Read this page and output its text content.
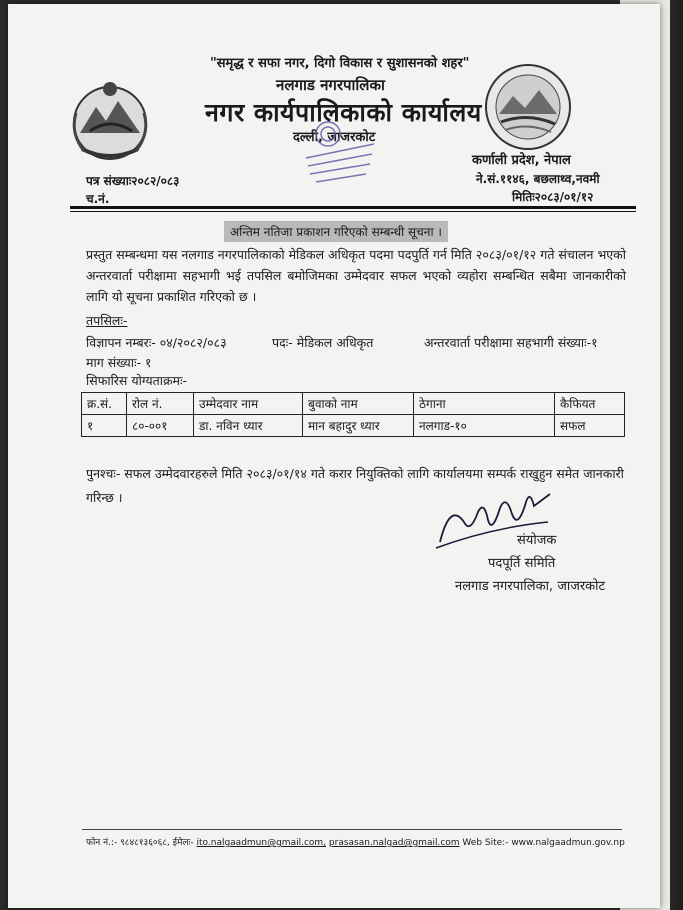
"समृद्ध र सफा नगर, दिगो विकास र सुशासनको शहर"
नलगाड नगरपालिका
नगर कार्यपालिकाको कार्यालय
दल्ली, जाजरकोट
पत्र संख्याः२०८२/०८३
च.नं.
कर्णाली प्रदेश, नेपाल
ने.सं.११४६, बछलाथ्व,नवमी
मितिः२०८३/०१/१२
अन्तिम नतिजा प्रकाशन गरिएको सम्बन्धी सूचना ।
प्रस्तुत सम्बन्धमा यस नलगाड नगरपालिकाको मेडिकल अधिकृत पदमा पदपुर्ति गर्न मिति २०८३/०१/१२ गते संचालन भएको अन्तरवार्ता परीक्षामा सहभागी भई तपसिल बमोजिमका उम्मेदवार सफल भएको व्यहोरा सम्बन्धित सबैमा जानकारीको लागि यो सूचना प्रकाशित गरिएको छ ।
तपसिलः-
विज्ञापन नम्बरः- ०४/२०८२/०८३	पदः- मेडिकल अधिकृत	अन्तरवार्ता परीक्षामा सहभागी संख्याः-१
माग संख्याः- १
सिफारिस योग्यताक्रमः-
क्र.सं.	रोल नं.	उम्मेदवार नाम	बुवाको नाम	ठेगाना	कैफियत
१	८०-००१	डा. नविन ध्यार	मान बहादुर ध्यार	नलगाड-१०	सफल
पुनश्चः- सफल उम्मेदवारहरुले मिति २०८३/०१/१४ गते करार नियुक्तिको लागि कार्यालयमा सम्पर्क राखुहुन समेत जानकारी गरिन्छ ।
संयोजक
पदपूर्ति समिति
नलगाड नगरपालिका, जाजरकोट
फोन नं.:- ९८४८१३६०६८, ईमेलः- ito.nalgaadmun@gmail.com, prasasan.nalgad@gmail.com Web Site:- www.nalgaadmun.gov.np
